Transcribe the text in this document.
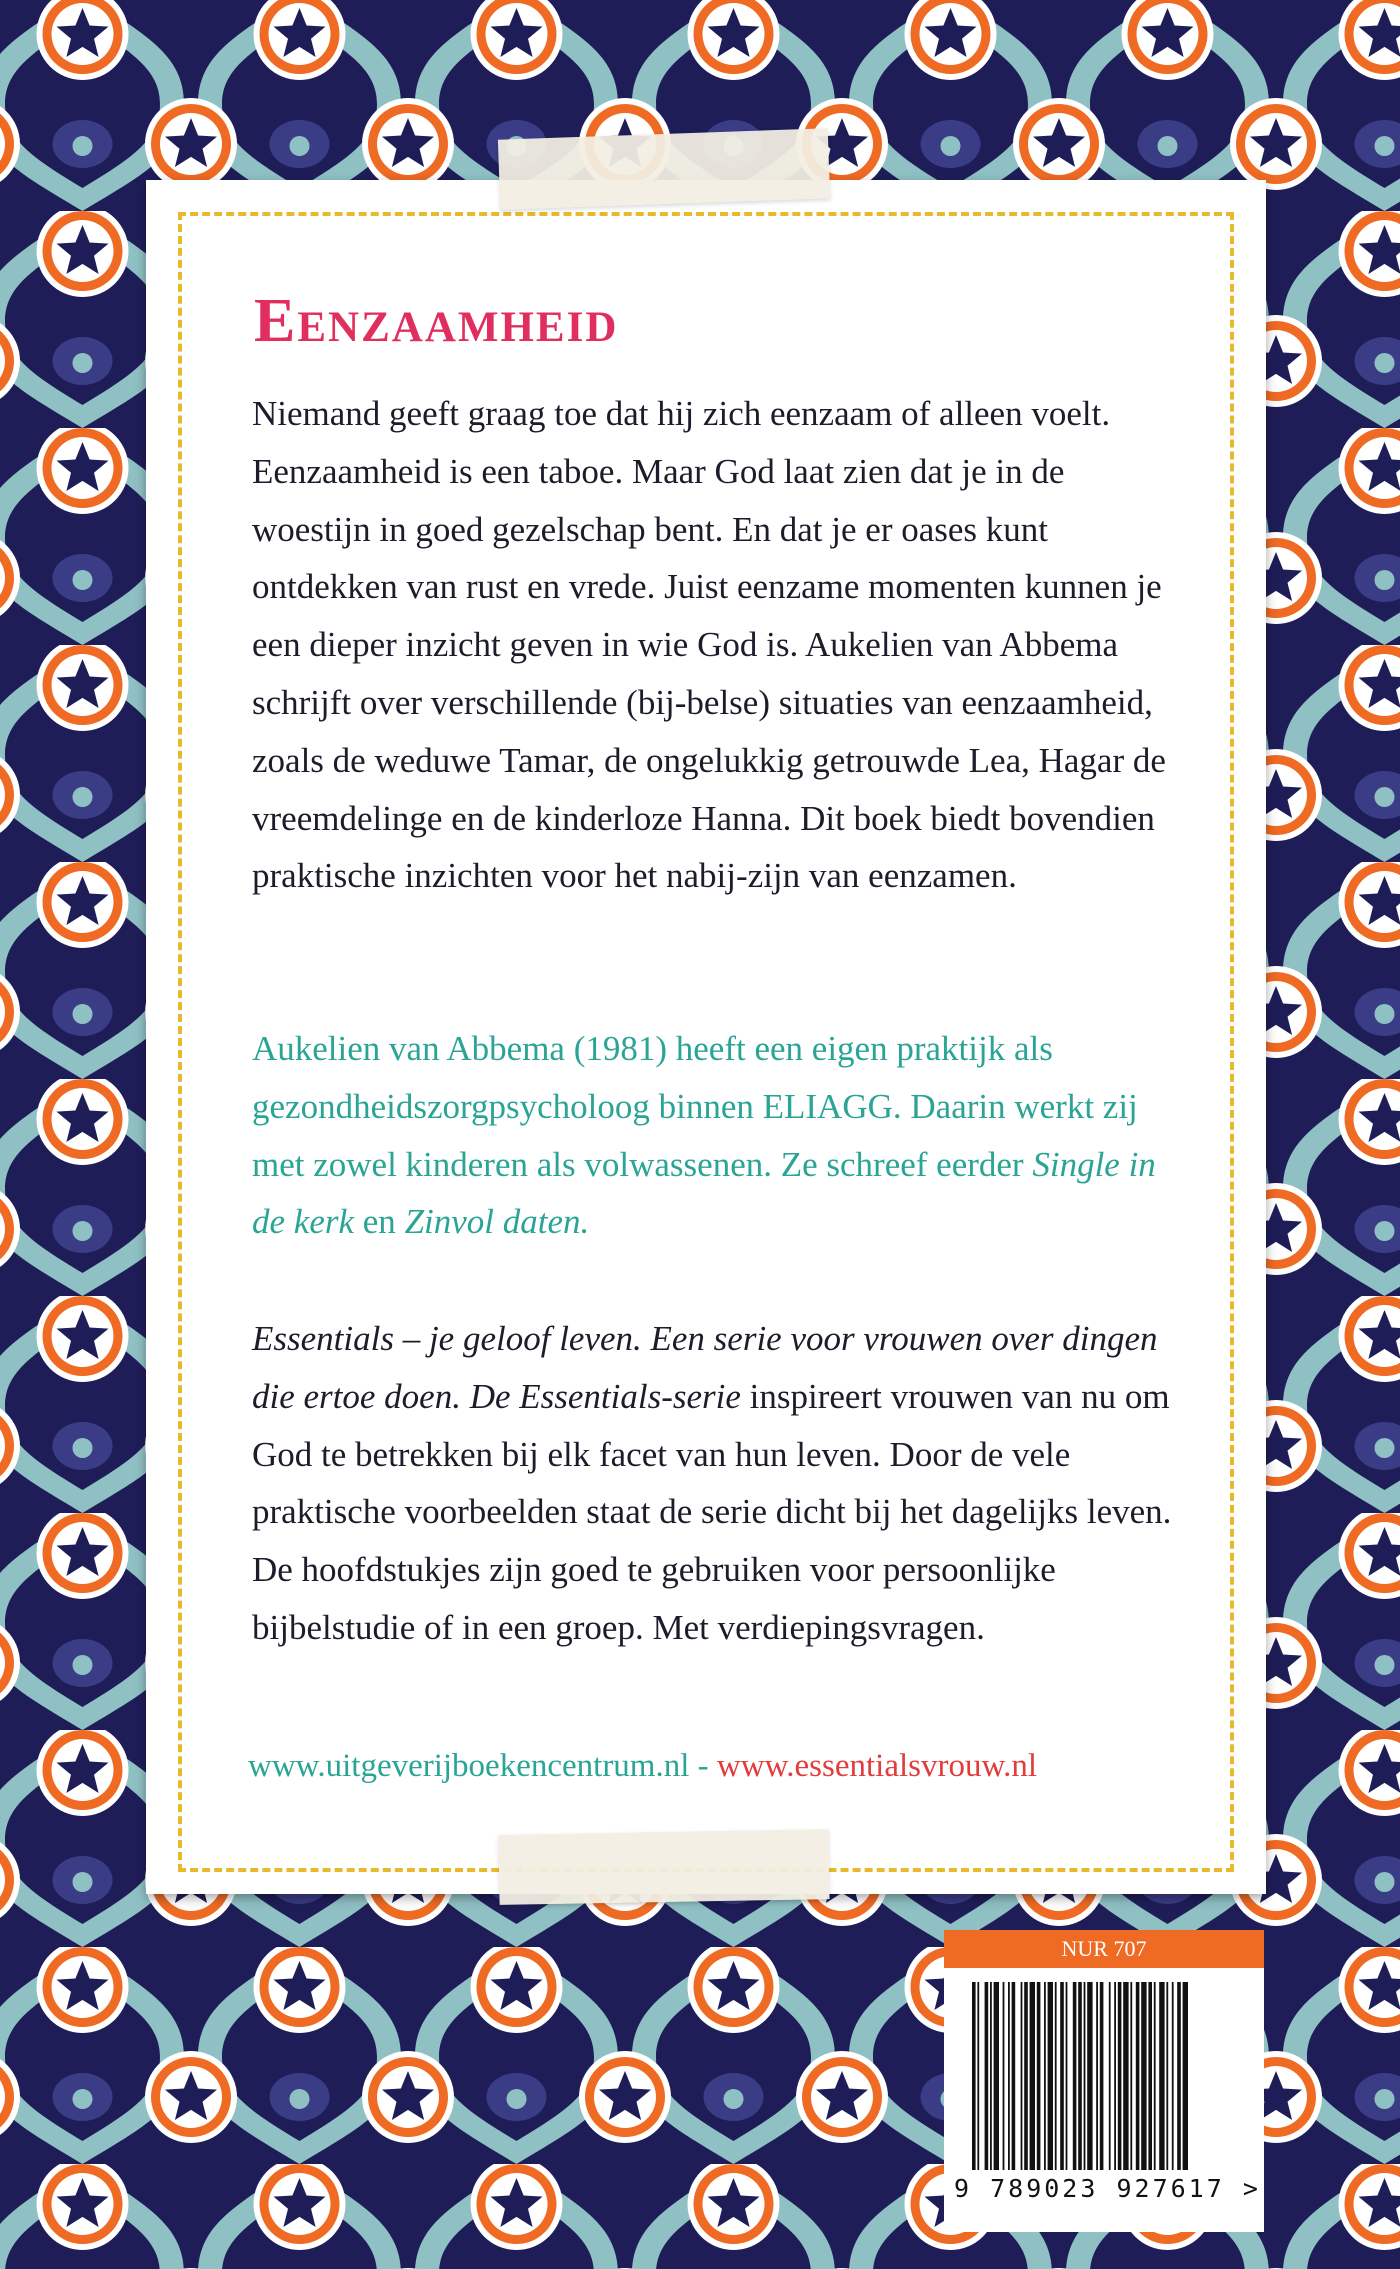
Eenzaamheid

Niemand geeft graag toe dat hij zich eenzaam of alleen voelt. Eenzaamheid is een taboe. Maar God laat zien dat je in de woestijn in goed gezelschap bent. En dat je er oases kunt ontdekken van rust en vrede. Juist eenzame momenten kunnen je een dieper inzicht geven in wie God is. Aukelien van Abbema schrijft over verschillende (bij-belse) situaties van eenzaamheid, zoals de weduwe Tamar, de ongelukkig getrouwde Lea, Hagar de vreemdelinge en de kinderloze Hanna. Dit boek biedt bovendien praktische inzichten voor het nabij-zijn van eenzamen.

Aukelien van Abbema (1981) heeft een eigen praktijk als gezondheidszorgpsycholoog binnen ELIAGG. Daarin werkt zij met zowel kinderen als volwassenen. Ze schreef eerder Single in de kerk en Zinvol daten.

Essentials – je geloof leven. Een serie voor vrouwen over dingen die ertoe doen. De Essentials-serie inspireert vrouwen van nu om God te betrekken bij elk facet van hun leven. Door de vele praktische voorbeelden staat de serie dicht bij het dagelijks leven. De hoofdstukjes zijn goed te gebruiken voor persoonlijke bijbelstudie of in een groep. Met verdiepingsvragen.

www.uitgeverijboekencentrum.nl - www.essentialsvrouw.nl
NUR 707
9 789023 927617 >
